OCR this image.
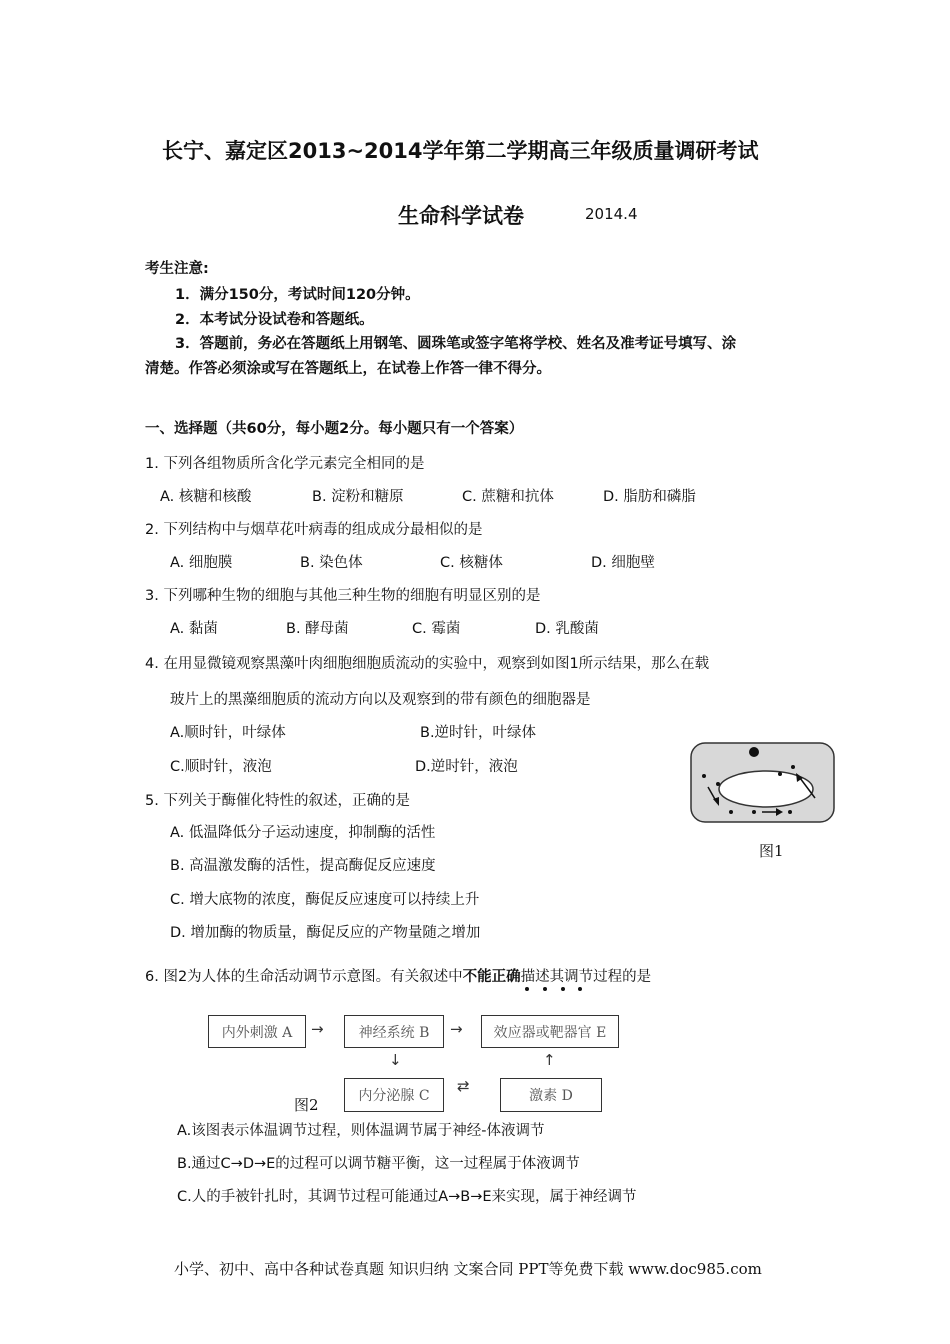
长宁、嘉定区2013~2014学年第二学期高三年级质量调研考试
生命科学试卷	2014.4
考生注意:
1．满分150分，考试时间120分钟。
2．本考试分设试卷和答题纸。
3．答题前，务必在答题纸上用钢笔、圆珠笔或签字笔将学校、姓名及准考证号填写、涂
清楚。作答必须涂或写在答题纸上，在试卷上作答一律不得分。
一、选择题（共60分，每小题2分。每小题只有一个答案）
1. 下列各组物质所含化学元素完全相同的是
A. 核糖和核酸	B. 淀粉和糖原	C. 蔗糖和抗体	D. 脂肪和磷脂
2. 下列结构中与烟草花叶病毒的组成成分最相似的是
A. 细胞膜	B. 染色体	C. 核糖体	D. 细胞壁
3. 下列哪种生物的细胞与其他三种生物的细胞有明显区别的是
A. 黏菌	B. 酵母菌	C. 霉菌	D. 乳酸菌
4. 在用显微镜观察黑藻叶肉细胞细胞质流动的实验中，观察到如图1所示结果，那么在载
玻片上的黑藻细胞质的流动方向以及观察到的带有颜色的细胞器是
A.顺时针，叶绿体	B.逆时针，叶绿体
C.顺时针，液泡	D.逆时针，液泡
图1
5. 下列关于酶催化特性的叙述，正确的是
A. 低温降低分子运动速度，抑制酶的活性
B. 高温激发酶的活性，提高酶促反应速度
C. 增大底物的浓度，酶促反应速度可以持续上升
D. 增加酶的物质量，酶促反应的产物量随之增加
6. 图2为人体的生命活动调节示意图。有关叙述中不能正确描述其调节过程的是
内外刺激 A	→	神经系统 B	→	效应器或靶器官 E
↓	↑
图2	内分泌腺 C
⇄
激素 D
A.该图表示体温调节过程，则体温调节属于神经-体液调节
B.通过C→D→E的过程可以调节糖平衡，这一过程属于体液调节
C.人的手被针扎时，其调节过程可能通过A→B→E来实现，属于神经调节
小学、初中、高中各种试卷真题 知识归纳 文案合同 PPT等免费下载 www.doc985.com
